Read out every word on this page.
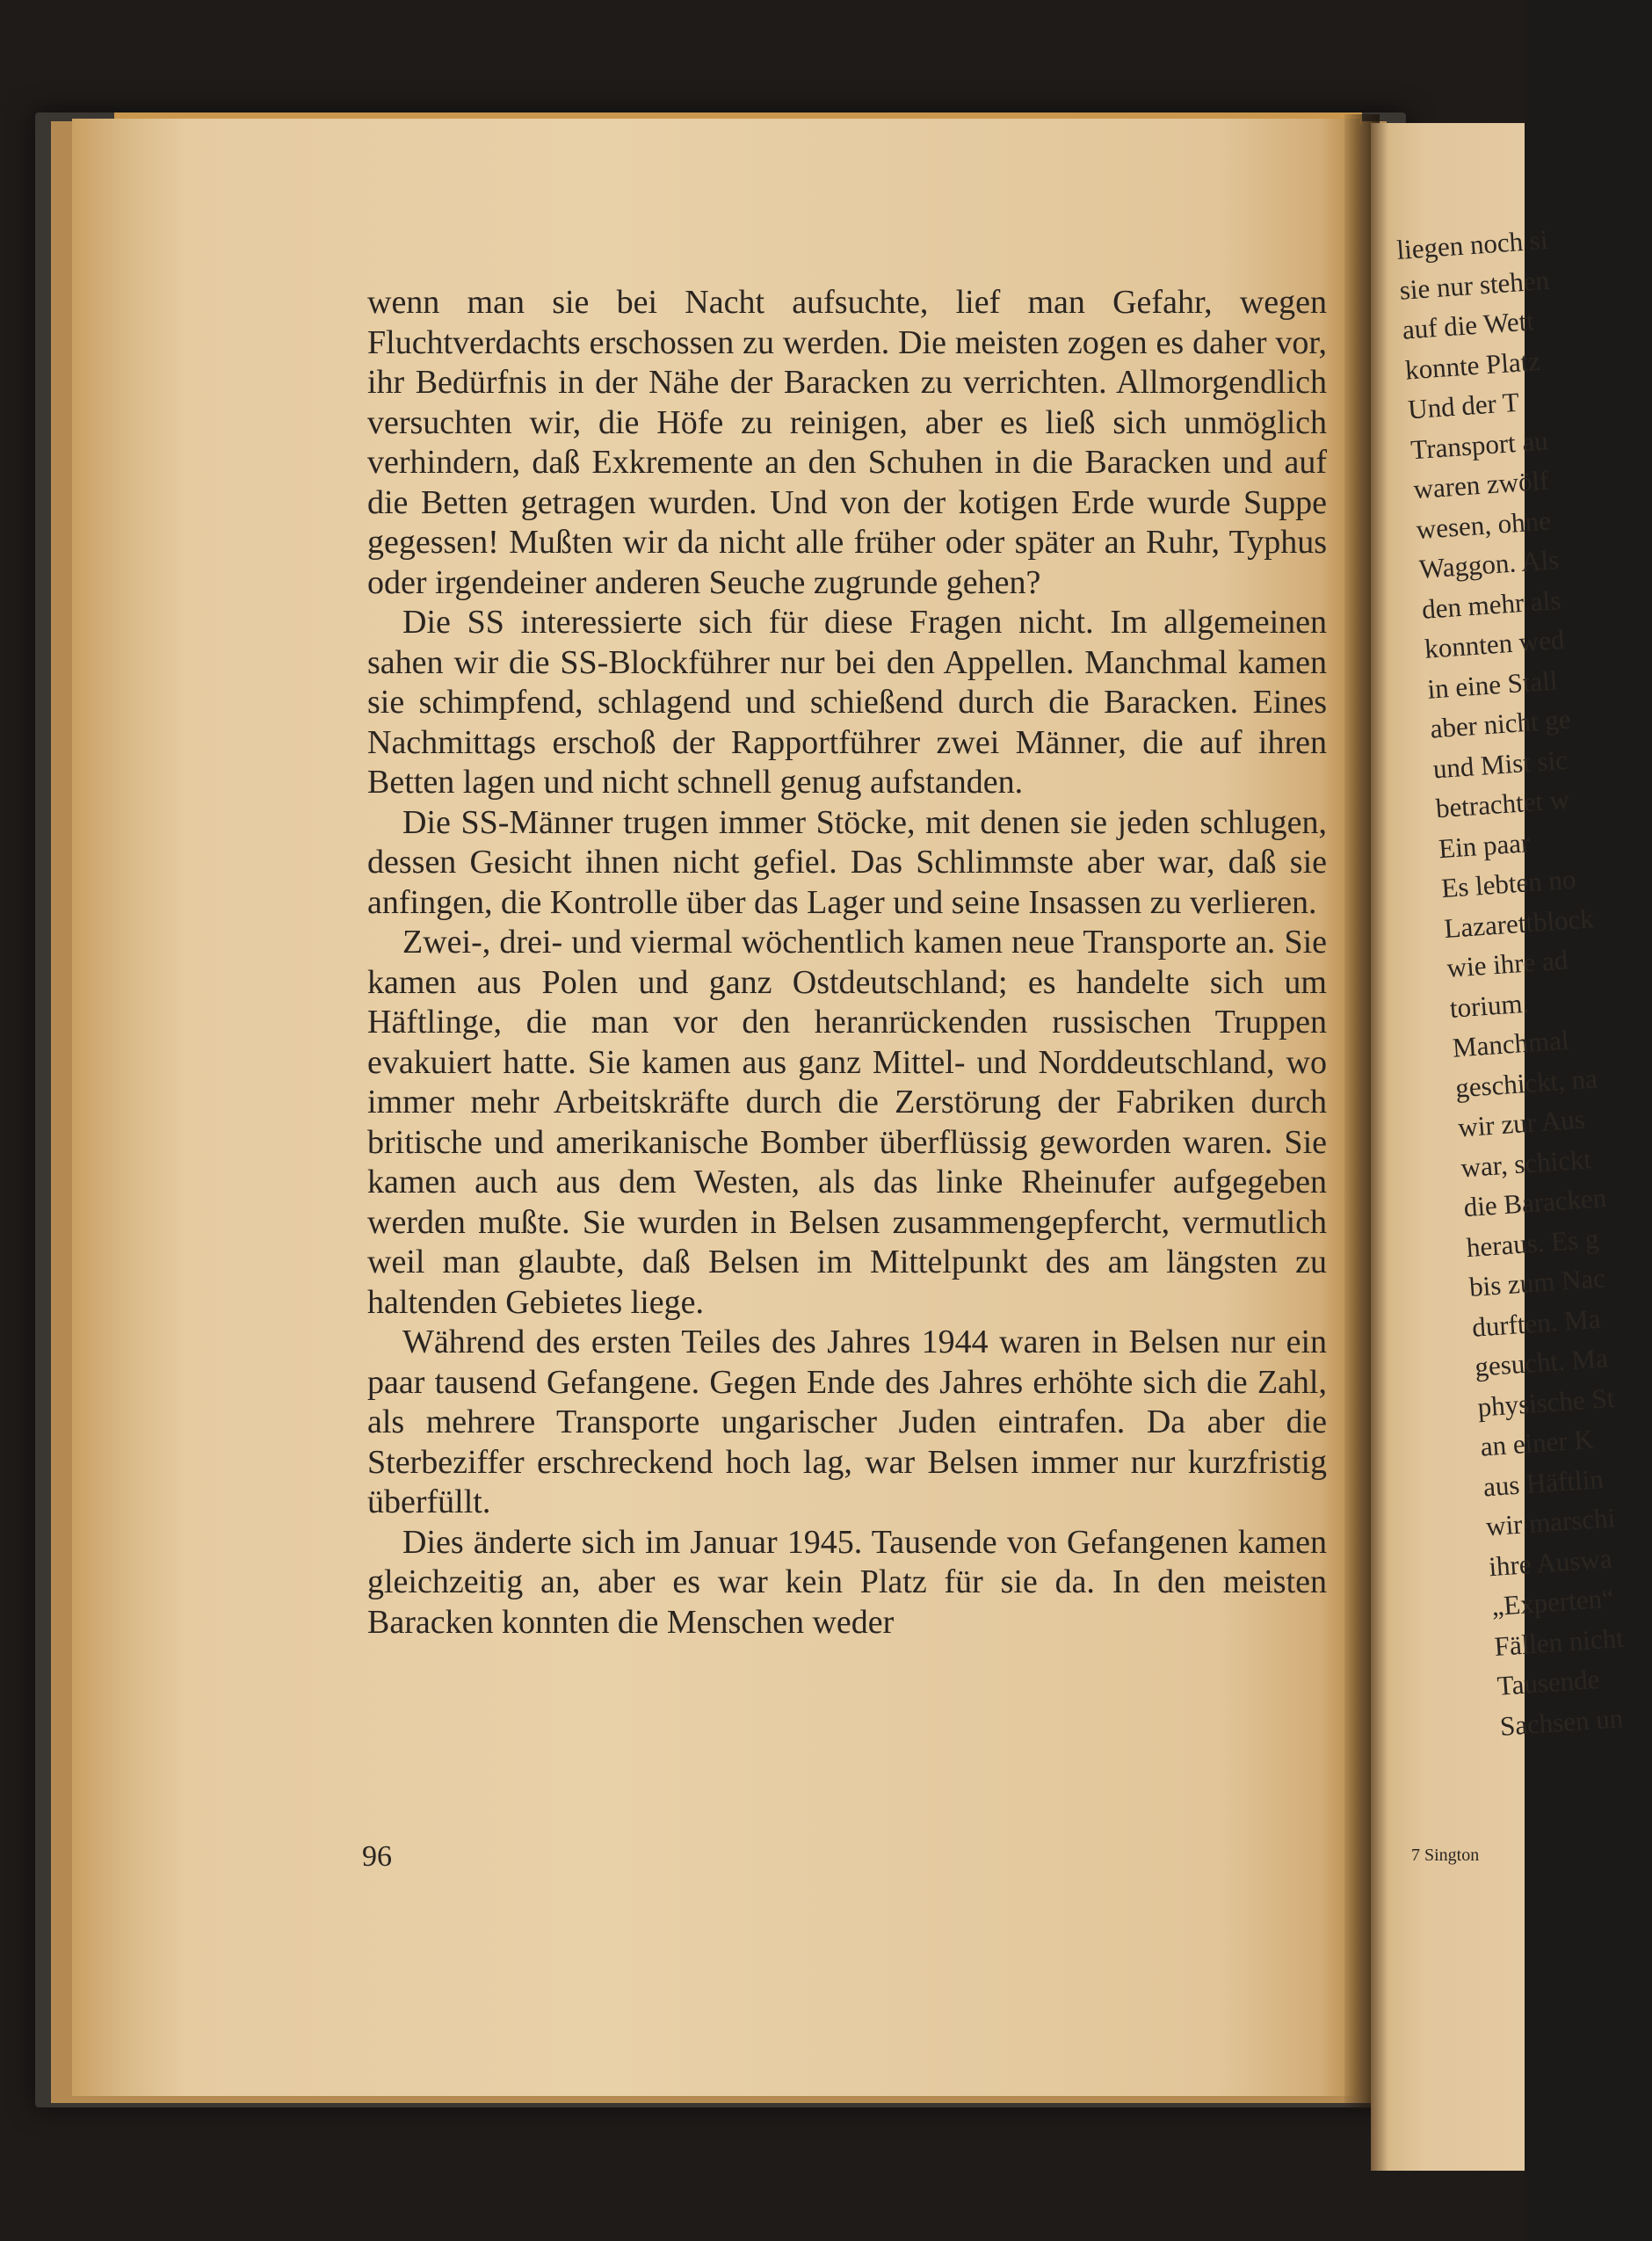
wenn man sie bei Nacht aufsuchte, lief man Gefahr, wegen Fluchtverdachts erschossen zu werden. Die meisten zogen es daher vor, ihr Bedürfnis in der Nähe der Baracken zu verrichten. Allmorgendlich versuchten wir, die Höfe zu reinigen, aber es ließ sich unmöglich verhindern, daß Exkremente an den Schuhen in die Baracken und auf die Betten getragen wurden. Und von der kotigen Erde wurde Suppe gegessen! Mußten wir da nicht alle früher oder später an Ruhr, Typhus oder irgendeiner anderen Seuche zugrunde gehen?

Die SS interessierte sich für diese Fragen nicht. Im allgemeinen sahen wir die SS-Blockführer nur bei den Appellen. Manchmal kamen sie schimpfend, schlagend und schießend durch die Baracken. Eines Nachmittags erschoß der Rapportführer zwei Männer, die auf ihren Betten lagen und nicht schnell genug aufstanden.

Die SS-Männer trugen immer Stöcke, mit denen sie jeden schlugen, dessen Gesicht ihnen nicht gefiel. Das Schlimmste aber war, daß sie anfingen, die Kontrolle über das Lager und seine Insassen zu verlieren.

Zwei-, drei- und viermal wöchentlich kamen neue Transporte an. Sie kamen aus Polen und ganz Ostdeutschland; es handelte sich um Häftlinge, die man vor den heranrückenden russischen Truppen evakuiert hatte. Sie kamen aus ganz Mittel- und Norddeutschland, wo immer mehr Arbeitskräfte durch die Zerstörung der Fabriken durch britische und amerikanische Bomber überflüssig geworden waren. Sie kamen auch aus dem Westen, als das linke Rheinufer aufgegeben werden mußte. Sie wurden in Belsen zusammengepfercht, vermutlich weil man glaubte, daß Belsen im Mittelpunkt des am längsten zu haltenden Gebietes liege.

Während des ersten Teiles des Jahres 1944 waren in Belsen nur ein paar tausend Gefangene. Gegen Ende des Jahres erhöhte sich die Zahl, als mehrere Transporte ungarischer Juden eintrafen. Da aber die Sterbeziffer erschreckend hoch lag, war Belsen immer nur kurzfristig überfüllt.

Dies änderte sich im Januar 1945. Tausende von Gefangenen kamen gleichzeitig an, aber es war kein Platz für sie da. In den meisten Baracken konnten die Menschen weder

96
liegen noch si
sie nur stehen
auf die Wett
konnte Platz
Und der T
Transport au
waren zwölf
wesen, ohne
Waggon. Als
den mehr als
konnten wed
in eine Stall
aber nicht ge
und Mist sic
betrachtet w
Ein paar
Es lebten no
Lazarettblock
wie ihre ad
torium.
Manchmal
geschickt, na
wir zur Aus
war, schickt
die Baracken
heraus. Es g
bis zum Nac
durften. Ma
gesucht. Ma
physische St
an einer K
aus Häftlin
wir marschi
ihre Auswa
„Experten“
Fällen nicht
Tausende
Sachsen un
7 Sington
